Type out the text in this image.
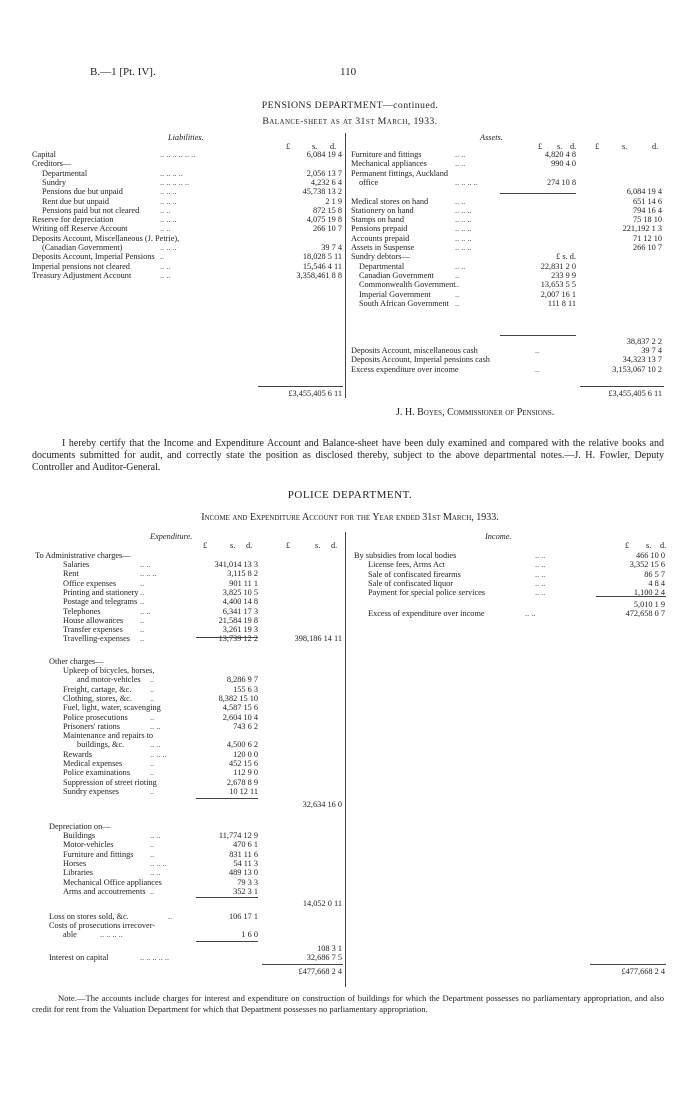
B.—1 [Pt. IV].	110
PENSIONS DEPARTMENT—continued.
Balance-sheet as at 31st March, 1933.
Liabilities.	Assets.
£	s. d.	£ s. d. £	s.	d.
Capital	.. .. .. .. .. ..	6,084 19 4
Creditors—
Departmental	.. .. .. ..	2,056 13 7
Sundry	.. .. .. .. ..	4,232 6 4
Pensions due but unpaid	.. .. ..	45,738 13 2
Rent due but unpaid	.. .. ..	2 1 9
Pensions paid but not cleared	.. ..	872 15 8
Reserve for depreciation	.. .. ..	4,075 19 8
Writing off Reserve Account	.. ..	266 10 7
Deposits Account, Miscellaneous (J. Petrie),
(Canadian Government)	.. .. ..	39 7 4
Deposits Account, Imperial Pensions ..	18,028 5 11
Imperial pensions not cleared	.. ..	15,546 4 11
Treasury Adjustment Account	.. ..	3,358,461 8 8
£3,455,405 6 11
Furniture and fittings	.. ..	4,820 4 8
Mechanical appliances	.. ..	990 4 0
Permanent fittings, Auckland
office	.. .. .. ..	274 10 8
6,084 19 4
Medical stores on hand	.. ..	651 14 6
Stationery on hand	.. .. ..	794 16 4
Stamps on hand	.. .. ..	75 18 10
Pensions prepaid	.. .. ..	221,192 1 3
Accounts prepaid	.. .. ..	71 12 10
Assets in Suspense	.. .. ..	266 10 7
Sundry debtors—	£ s. d.
Departmental	.. ..	22,831 2 0
Canadian Government	..	233 9 9
Commonwealth Government ..	13,653 5 5
Imperial Government	..	2,007 16 1
South African Government ..	111 8 11
38,837 2 2
Deposits Account, miscellaneous cash	..	39 7 4
Deposits Account, Imperial pensions cash	34,323 13 7
Excess expenditure over income	..	3,153,067 10 2
£3,455,405 6 11
J. H. Boyes, Commissioner of Pensions.

I hereby certify that the Income and Expenditure Account and Balance-sheet have been duly examined and compared with the relative books and documents submitted for audit, and correctly state the position as disclosed thereby, subject to the above departmental notes.—J. H. Fowler, Deputy Controller and Auditor-General.

POLICE DEPARTMENT.
Income and Expenditure Account for the Year ended 31st March, 1933.
Expenditure.	Income.
£	s. d.	£	s. d.	£ s. d.
To Administrative charges—
Salaries	.. ..	341,014 13 3
Rent	.. .. ..	3,115 8 2
Office expenses	..	901 11 1
Printing and stationery ..	3,825 10 5
Postage and telegrams ..	4,400 14 8
Telephones	.. ..	6,341 17 3
House allowances ..	21,584 19 8
Transfer expenses ..	3,261 19 3
Travelling-expenses ..	13,739 12 2	398,186 14 11
Other charges—
Upkeep of bicycles, horses,
and motor-vehicles ..	8,286 9 7
Freight, cartage, &c. ..	155 6 3
Clothing, stores, &c. ..	8,382 15 10
Fuel, light, water, scavenging	4,587 15 6
Police prosecutions	..	2,604 10 4
Prisoners' rations	.. ..	743 6 2
Maintenance and repairs to
buildings, &c.	.. ..	4,500 6 2
Rewards	.. .. ..	120 0 0
Medical expenses	..	452 15 6
Police examinations ..	112 9 0
Suppression of street rioting	2,678 8 9
Sundry expenses	..	10 12 11
32,634 16 0
Depreciation on—
Buildings	.. ..	11,774 12 9
Motor-vehicles	..	470 6 1
Furniture and fittings ..	831 11 6
Horses	.. .. ..	54 11 3
Libraries	.. ..	489 13 0
Mechanical Office appliances	79 3 3
Arms and accoutrements ..	352 3 1
14,052 0 11
Loss on stores sold, &c.	..	106 17 1
Costs of prosecutions irrecover-
able	.. .. .. ..	1 6 0
108 3 1
Interest on capital	.. .. .. .. ..	32,686 7 5
£477,668 2 4
By subsidies from local bodies	.. ..	466 10 0
License fees, Arms Act	.. ..	3,352 15 6
Sale of confiscated firearms	.. ..	86 5 7
Sale of confiscated liquor	.. ..	4 8 4
Payment for special police services	.. ..	1,100 2 4
5,010 1 9
Excess of expenditure over income	.. ..	472,658 0 7
£477,668 2 4

Note.—The accounts include charges for interest and expenditure on construction of buildings for which the Department possesses no parliamentary appropriation, and also credit for rent from the Valuation Department for which that Department possesses no parliamentary appropriation.
